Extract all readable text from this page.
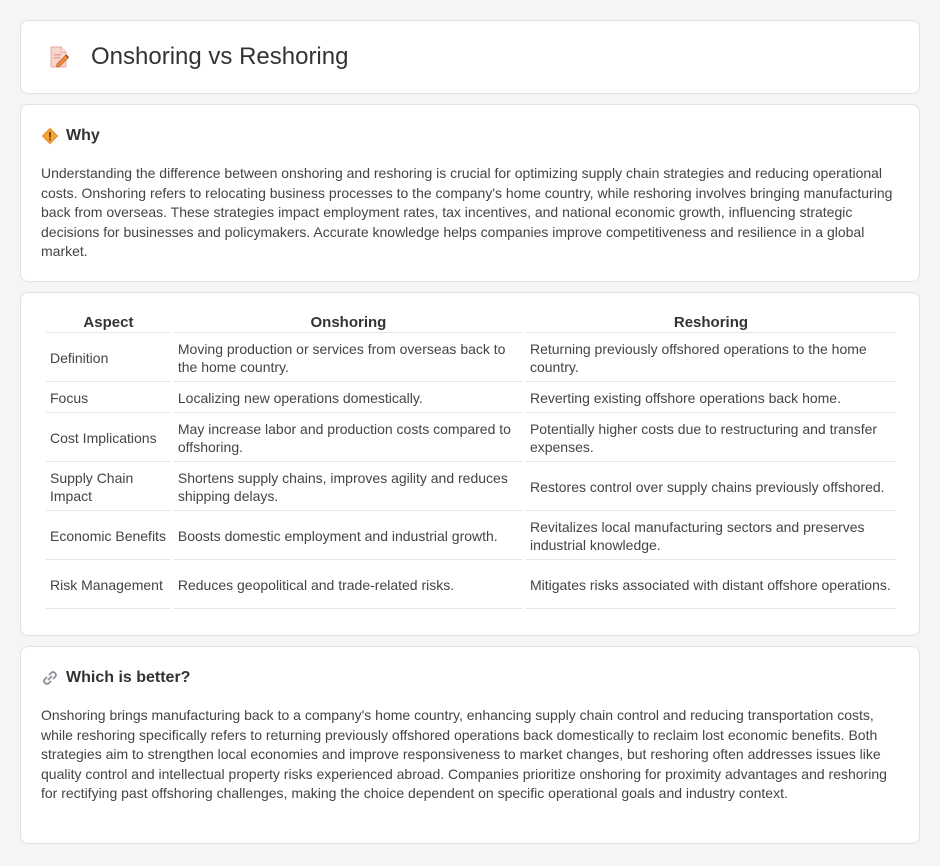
Onshoring vs Reshoring
Why

Understanding the difference between onshoring and reshoring is crucial for optimizing supply chain strategies and reducing operational costs. Onshoring refers to relocating business processes to the company's home country, while reshoring involves bringing manufacturing back from overseas. These strategies impact employment rates, tax incentives, and national economic growth, influencing strategic decisions for businesses and policymakers. Accurate knowledge helps companies improve competitiveness and resilience in a global market.

Aspect	Onshoring	Reshoring
Definition	Moving production or services from overseas back to the home country.	Returning previously offshored operations to the home country.
Focus	Localizing new operations domestically.	Reverting existing offshore operations back home.
Cost Implications	May increase labor and production costs compared to offshoring.	Potentially higher costs due to restructuring and transfer expenses.
Supply Chain Impact	Shortens supply chains, improves agility and reduces shipping delays.	Restores control over supply chains previously offshored.
Economic Benefits	Boosts domestic employment and industrial growth.	Revitalizes local manufacturing sectors and preserves industrial knowledge.
Risk Management	Reduces geopolitical and trade-related risks.	Mitigates risks associated with distant offshore operations.
Which is better?

Onshoring brings manufacturing back to a company's home country, enhancing supply chain control and reducing transportation costs, while reshoring specifically refers to returning previously offshored operations back domestically to reclaim lost economic benefits. Both strategies aim to strengthen local economies and improve responsiveness to market changes, but reshoring often addresses issues like quality control and intellectual property risks experienced abroad. Companies prioritize onshoring for proximity advantages and reshoring for rectifying past offshoring challenges, making the choice dependent on specific operational goals and industry context.
